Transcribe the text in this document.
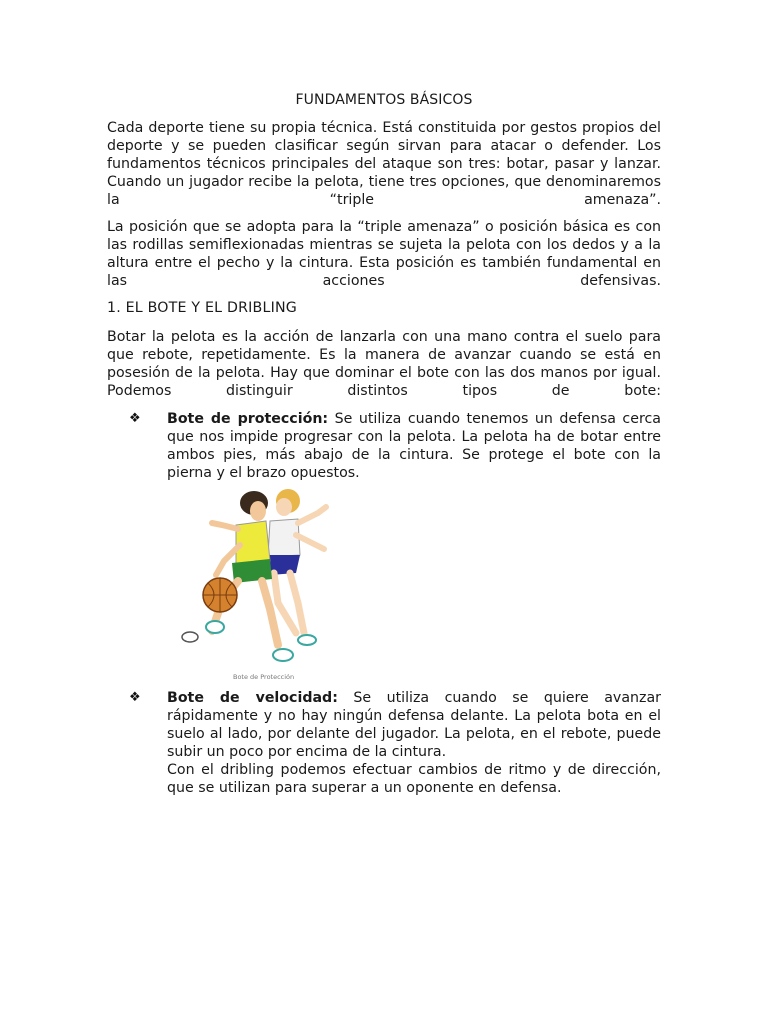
FUNDAMENTOS BÁSICOS

Cada deporte tiene su propia técnica. Está constituida por gestos propios del deporte y se pueden clasificar según sirvan para atacar o defender. Los fundamentos técnicos principales del ataque son tres: botar, pasar y lanzar. Cuando un jugador recibe la pelota, tiene tres opciones, que denominaremos la “triple amenaza”.

La posición que se adopta para la “triple amenaza” o posición básica es con las rodillas semiflexionadas mientras se sujeta la pelota con los dedos y a la altura entre el pecho y la cintura. Esta posición es también fundamental en las acciones defensivas.

1. EL BOTE Y EL DRIBLING

Botar la pelota es la acción de lanzarla con una mano contra el suelo para que rebote, repetidamente. Es la manera de avanzar cuando se está en posesión de la pelota. Hay que dominar el bote con las dos manos por igual. Podemos distinguir distintos tipos de bote:

❖ Bote de protección: Se utiliza cuando tenemos un defensa cerca que nos impide progresar con la pelota. La pelota ha de botar entre ambos pies, más abajo de la cintura. Se protege el bote con la pierna y el brazo opuestos.

Bote de Protección
❖ Bote de velocidad: Se utiliza cuando se quiere avanzar rápidamente y no hay ningún defensa delante. La pelota bota en el suelo al lado, por delante del jugador. La pelota, en el rebote, puede subir un poco por encima de la cintura.
Con el dribling podemos efectuar cambios de ritmo y de dirección, que se utilizan para superar a un oponente en defensa.
